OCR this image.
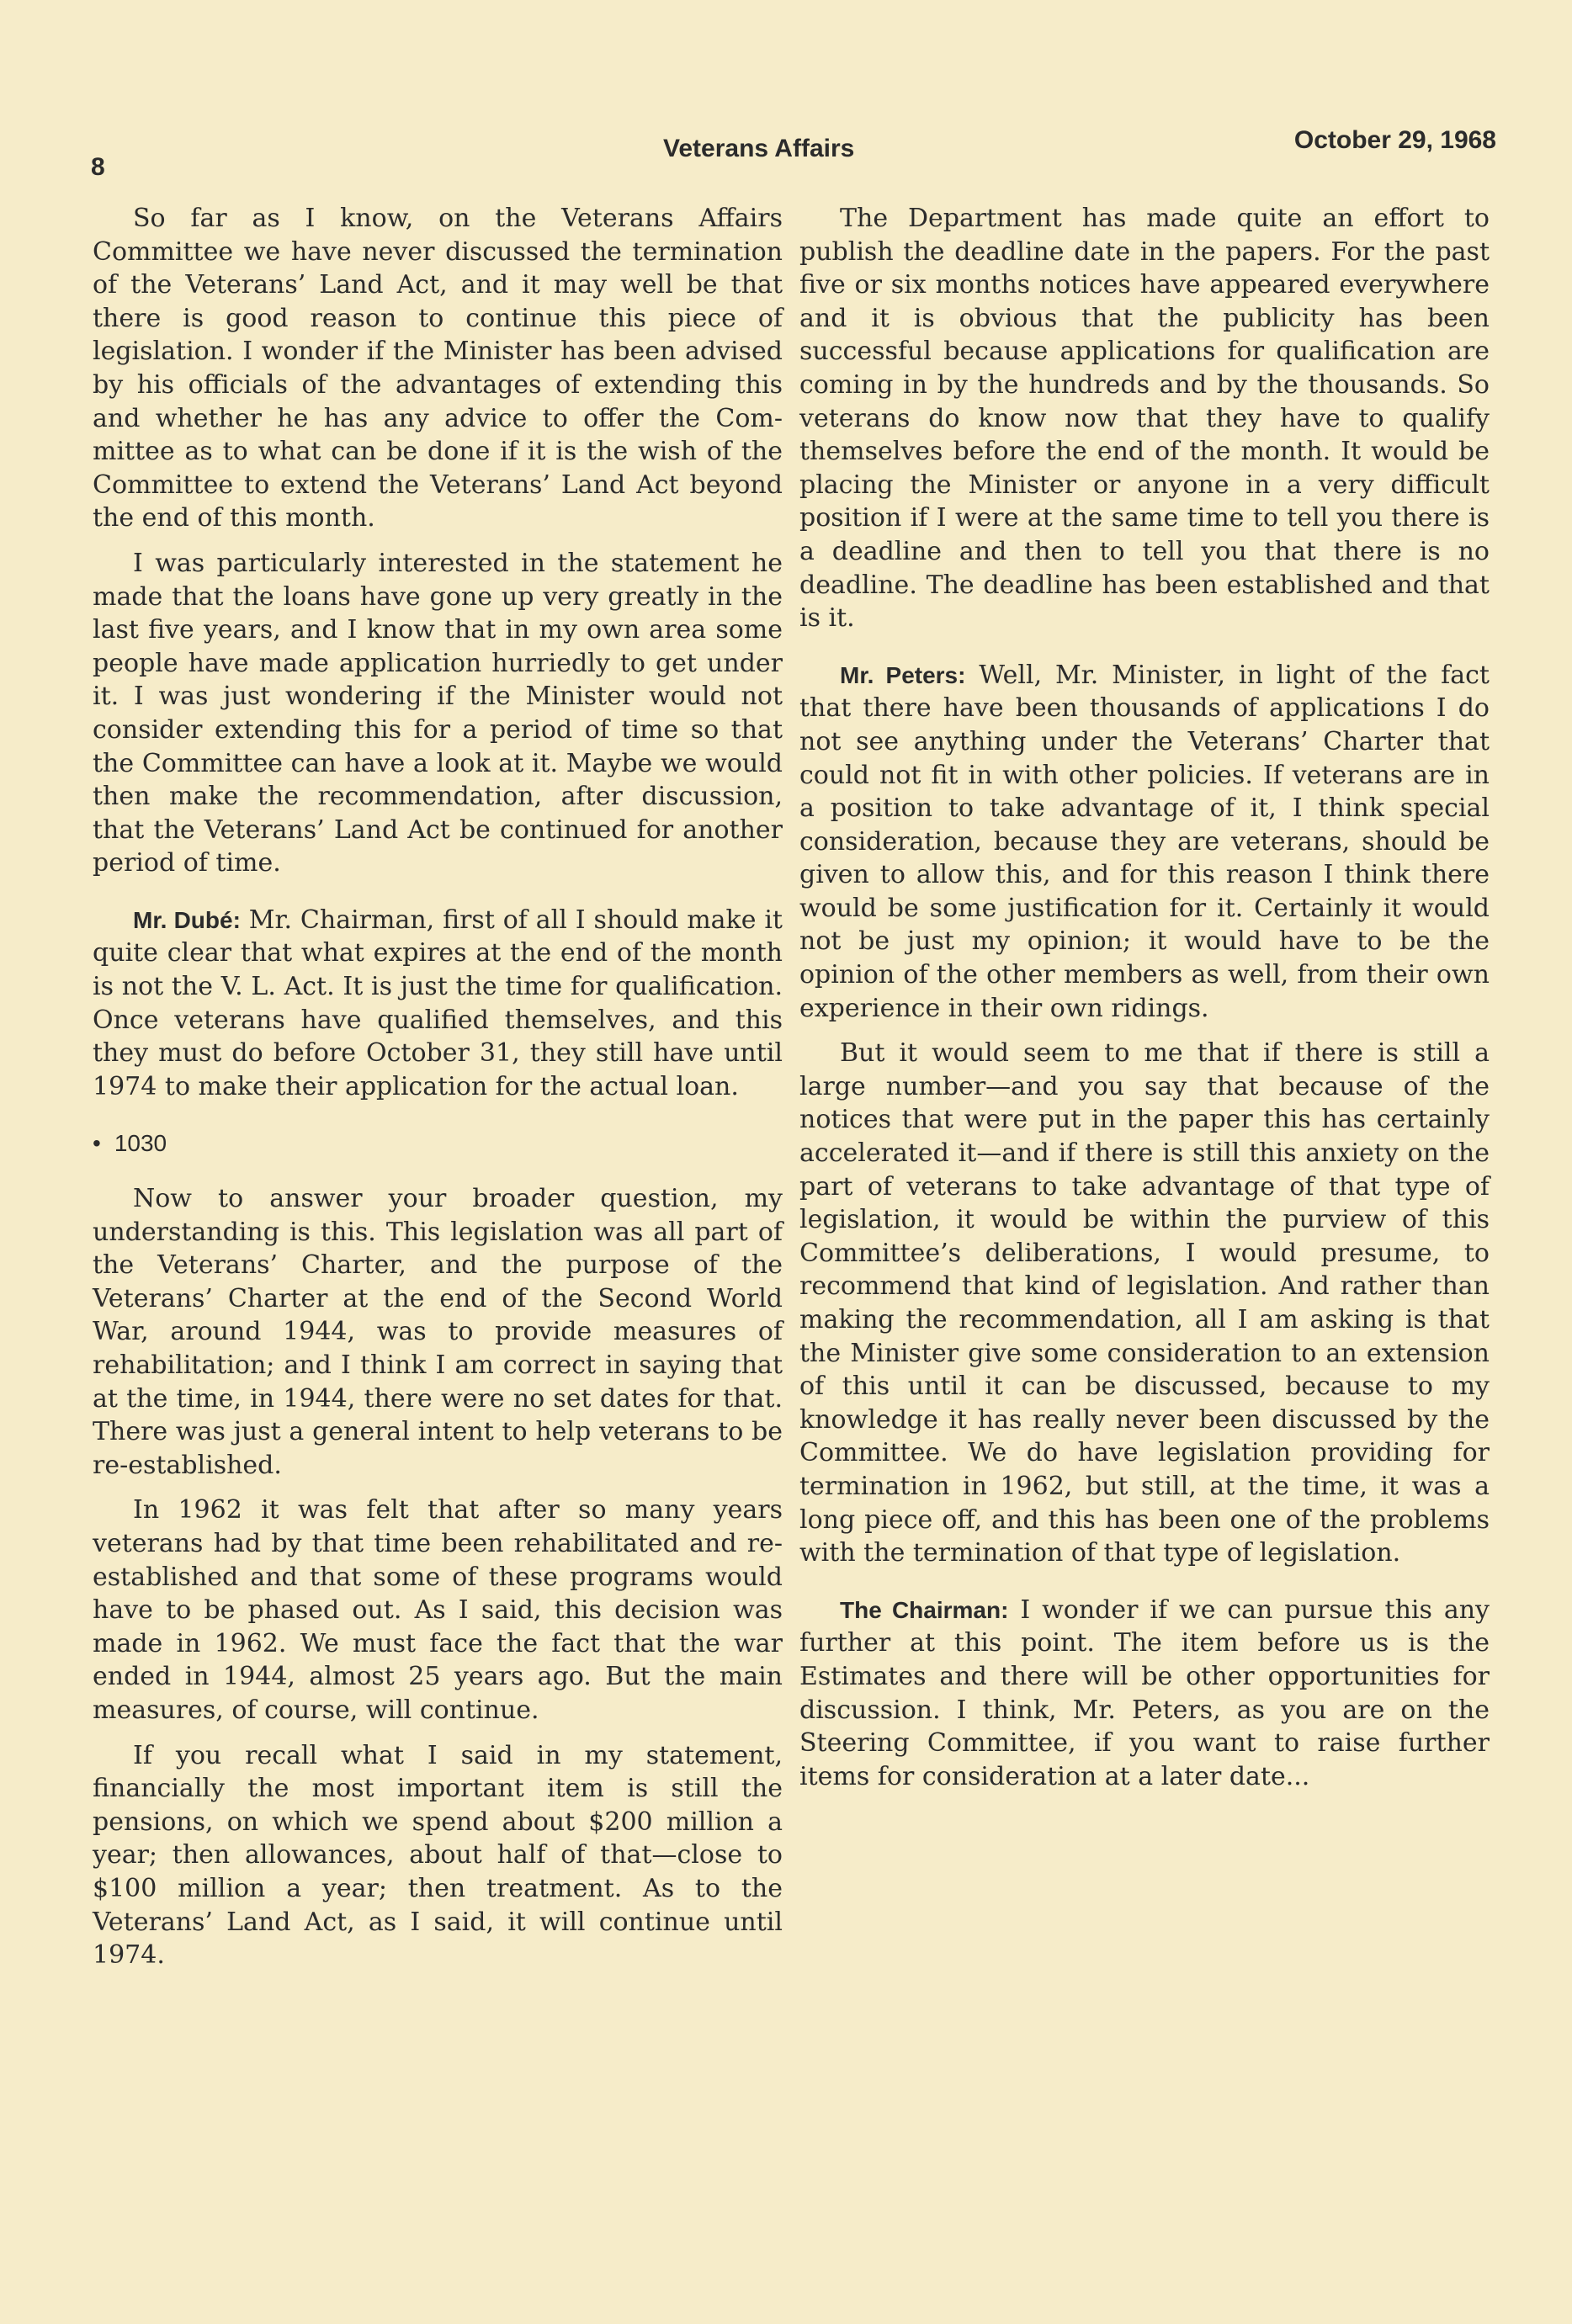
8
Veterans Affairs	October 29, 1968

So far as I know, on the Veterans Affairs Committee we have never discussed the termination of the Veterans’ Land Act, and it may well be that there is good reason to continue this piece of legislation. I wonder if the Minister has been advised by his officials of the advantages of extending this and whether he has any advice to offer the Committee as to what can be done if it is the wish of the Committee to extend the Veterans’ Land Act beyond the end of this month.

I was particularly interested in the statement he made that the loans have gone up very greatly in the last five years, and I know that in my own area some people have made application hurriedly to get under it. I was just wondering if the Minister would not consider extending this for a period of time so that the Committee can have a look at it. Maybe we would then make the recommendation, after discussion, that the Veterans’ Land Act be continued for another period of time.

Mr. Dubé: Mr. Chairman, first of all I should make it quite clear that what expires at the end of the month is not the V. L. Act. It is just the time for qualification. Once veterans have qualified themselves, and this they must do before October 31, they still have until 1974 to make their application for the actual loan.

• 1030

Now to answer your broader question, my understanding is this. This legislation was all part of the Veterans’ Charter, and the purpose of the Veterans’ Charter at the end of the Second World War, around 1944, was to provide measures of rehabilitation; and I think I am correct in saying that at the time, in 1944, there were no set dates for that. There was just a general intent to help veterans to be re-established.

In 1962 it was felt that after so many years veterans had by that time been rehabilitated and re-established and that some of these programs would have to be phased out. As I said, this decision was made in 1962. We must face the fact that the war ended in 1944, almost 25 years ago. But the main measures, of course, will continue.

If you recall what I said in my statement, financially the most important item is still the pensions, on which we spend about $200 million a year; then allowances, about half of that—close to $100 million a year; then treatment. As to the Veterans’ Land Act, as I said, it will continue until 1974.

The Department has made quite an effort to publish the deadline date in the papers. For the past five or six months notices have appeared everywhere and it is obvious that the publicity has been successful because applications for qualification are coming in by the hundreds and by the thousands. So veterans do know now that they have to qualify themselves before the end of the month. It would be placing the Minister or anyone in a very difficult position if I were at the same time to tell you there is a deadline and then to tell you that there is no deadline. The deadline has been established and that is it.

Mr. Peters: Well, Mr. Minister, in light of the fact that there have been thousands of applications I do not see anything under the Veterans’ Charter that could not fit in with other policies. If veterans are in a position to take advantage of it, I think special consideration, because they are veterans, should be given to allow this, and for this reason I think there would be some justification for it. Certainly it would not be just my opinion; it would have to be the opinion of the other members as well, from their own experience in their own ridings.

But it would seem to me that if there is still a large number—and you say that because of the notices that were put in the paper this has certainly accelerated it—and if there is still this anxiety on the part of veterans to take advantage of that type of legislation, it would be within the purview of this Committee’s deliberations, I would presume, to recommend that kind of legislation. And rather than making the recommendation, all I am asking is that the Minister give some consideration to an extension of this until it can be discussed, because to my knowledge it has really never been discussed by the Committee. We do have legislation providing for termination in 1962, but still, at the time, it was a long piece off, and this has been one of the problems with the termination of that type of legislation.

The Chairman: I wonder if we can pursue this any further at this point. The item before us is the Estimates and there will be other opportunities for discussion. I think, Mr. Peters, as you are on the Steering Committee, if you want to raise further items for consideration at a later date...
